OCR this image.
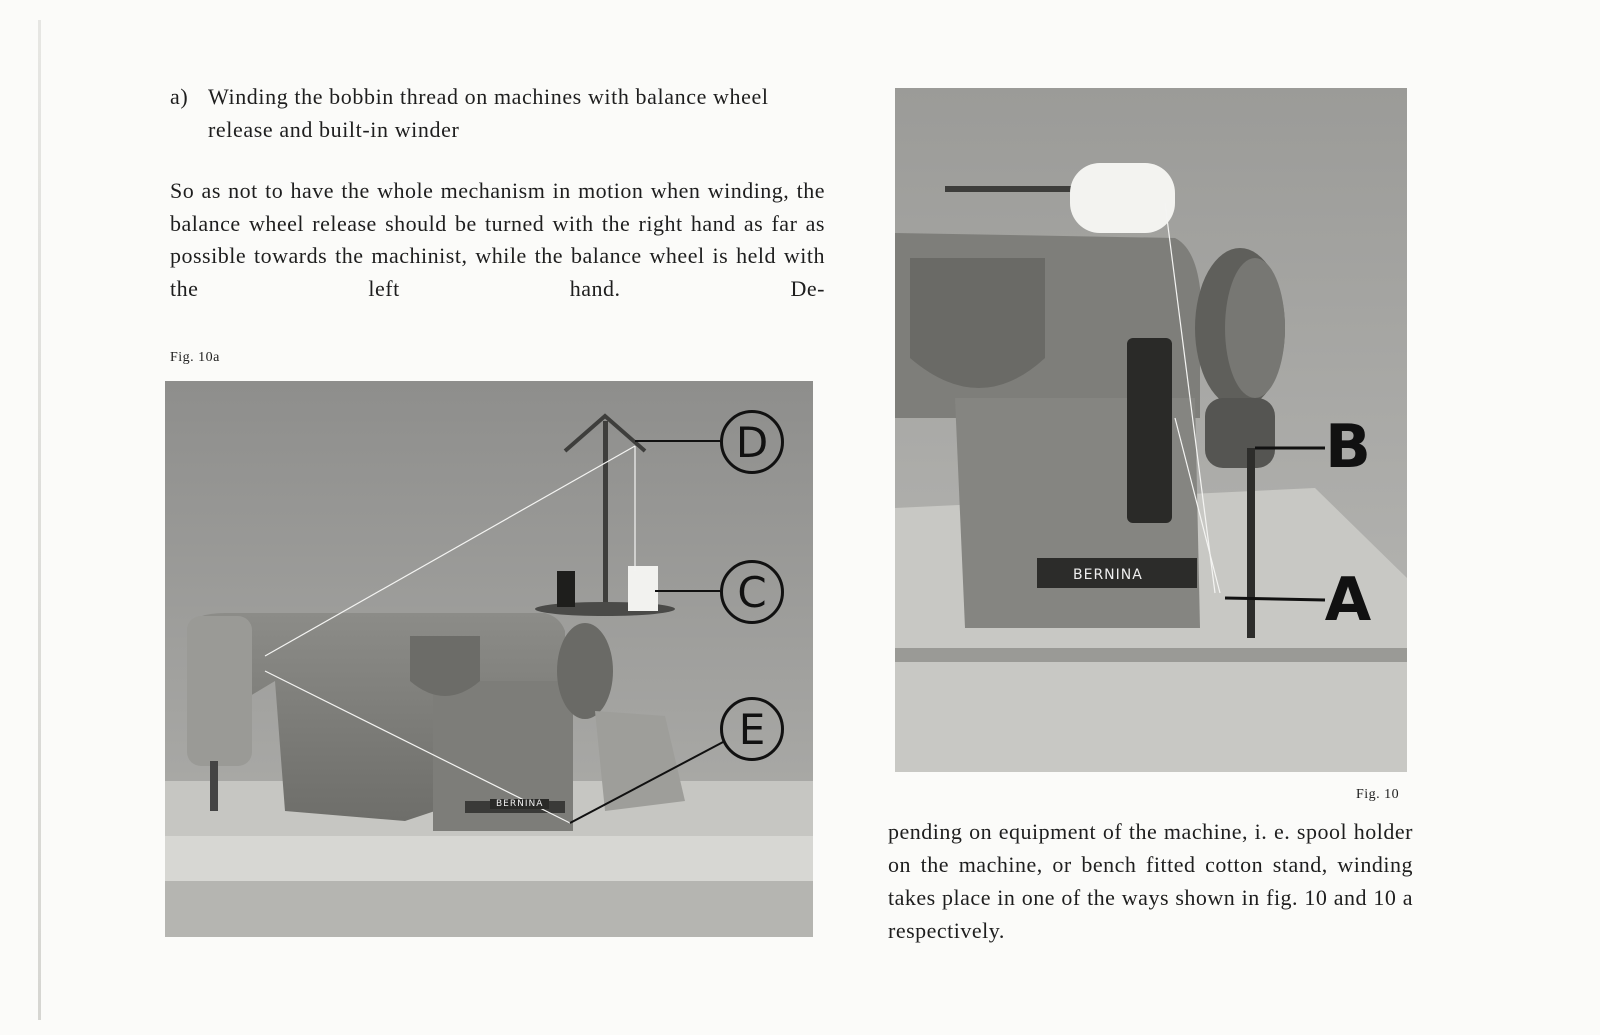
a) Winding the bobbin thread on machines with balance wheel release and built-in winder
So as not to have the whole mechanism in motion when winding, the balance wheel release should be turned with the right hand as far as possible towards the machinist, while the balance wheel is held with the left hand. De-
Fig. 10a
BERNINA
D
C
E
BERNINA
B
A
Fig. 10
pending on equipment of the machine, i. e. spool holder on the machine, or bench fitted cotton stand, winding takes place in one of the ways shown in fig. 10 and 10 a respectively.
